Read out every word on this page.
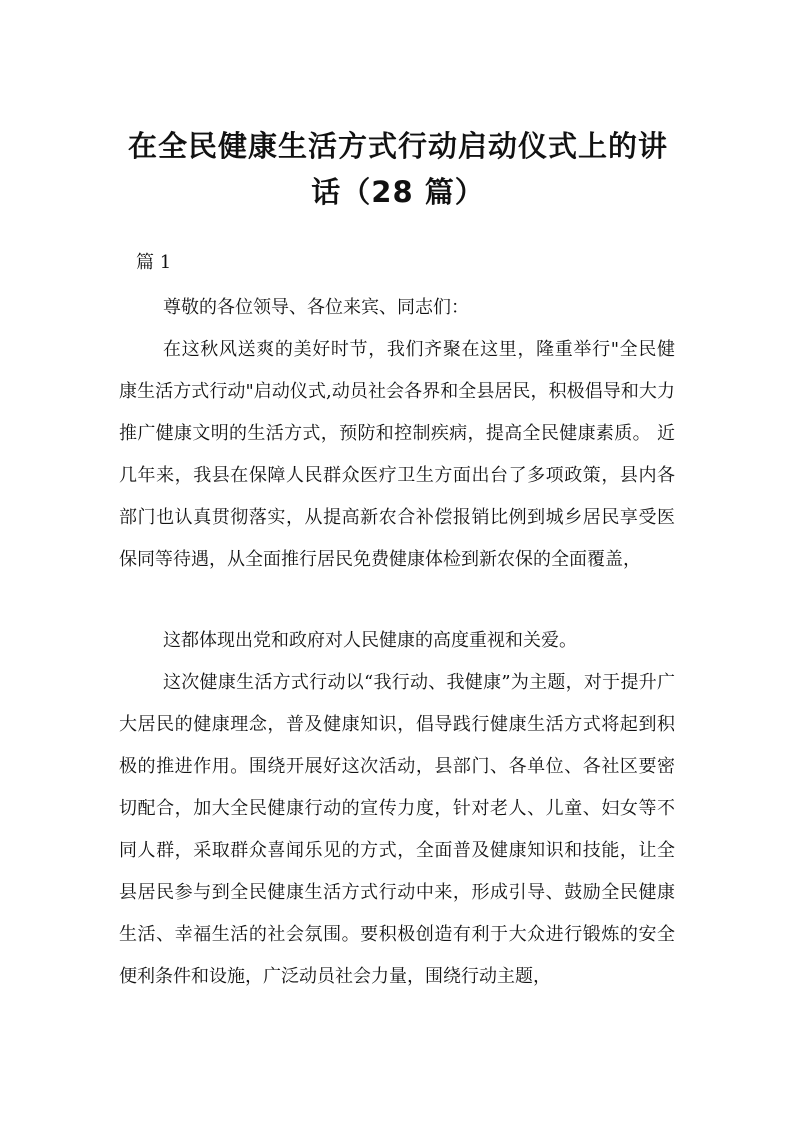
在全民健康生活方式行动启动仪式上的讲
话（28 篇）

篇 1

尊敬的各位领导、各位来宾、同志们：

在这秋风送爽的美好时节，我们齐聚在这里，隆重举行"全民健康生活方式行动"启动仪式,动员社会各界和全县居民，积极倡导和大力推广健康文明的生活方式，预防和控制疾病，提高全民健康素质。 近几年来，我县在保障人民群众医疗卫生方面出台了多项政策，县内各部门也认真贯彻落实，从提高新农合补偿报销比例到城乡居民享受医保同等待遇，从全面推行居民免费健康体检到新农保的全面覆盖，

这都体现出党和政府对人民健康的高度重视和关爱。

这次健康生活方式行动以“我行动、我健康”为主题，对于提升广大居民的健康理念，普及健康知识，倡导践行健康生活方式将起到积极的推进作用。围绕开展好这次活动，县部门、各单位、各社区要密切配合，加大全民健康行动的宣传力度，针对老人、儿童、妇女等不同人群，采取群众喜闻乐见的方式，全面普及健康知识和技能，让全县居民参与到全民健康生活方式行动中来，形成引导、鼓励全民健康生活、幸福生活的社会氛围。要积极创造有利于大众进行锻炼的安全便利条件和设施，广泛动员社会力量，围绕行动主题，
